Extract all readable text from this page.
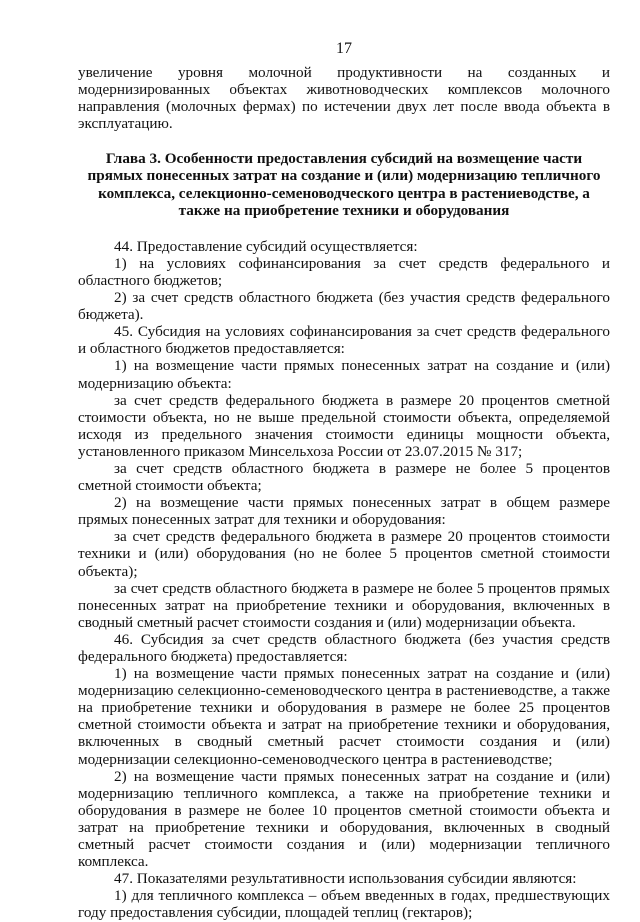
17

увеличение уровня молочной продуктивности на созданных и модернизированных объектах животноводческих комплексов молочного направления (молочных фермах) по истечении двух лет после ввода объекта в эксплуатацию.

Глава 3. Особенности предоставления субсидий на возмещение части прямых понесенных затрат на создание и (или) модернизацию тепличного комплекса, селекционно-семеноводческого центра в растениеводстве, а также на приобретение техники и оборудования

44. Предоставление субсидий осуществляется:

1) на условиях софинансирования за счет средств федерального и областного бюджетов;

2) за счет средств областного бюджета (без участия средств федерального бюджета).

45. Субсидия на условиях софинансирования за счет средств федерального и областного бюджетов предоставляется:

1) на возмещение части прямых понесенных затрат на создание и (или) модернизацию объекта:

за счет средств федерального бюджета в размере 20 процентов сметной стоимости объекта, но не выше предельной стоимости объекта, определяемой исходя из предельного значения стоимости единицы мощности объекта, установленного приказом Минсельхоза России от 23.07.2015 № 317;

за счет средств областного бюджета в размере не более 5 процентов сметной стоимости объекта;

2) на возмещение части прямых понесенных затрат в общем размере прямых понесенных затрат для техники и оборудования:

за счет средств федерального бюджета в размере 20 процентов стоимости техники и (или) оборудования (но не более 5 процентов сметной стоимости объекта);

за счет средств областного бюджета в размере не более 5 процентов прямых понесенных затрат на приобретение техники и оборудования, включенных в сводный сметный расчет стоимости создания и (или) модернизации объекта.

46. Субсидия за счет средств областного бюджета (без участия средств федерального бюджета) предоставляется:

1) на возмещение части прямых понесенных затрат на создание и (или) модернизацию селекционно-семеноводческого центра в растениеводстве, а также на приобретение техники и оборудования в размере не более 25 процентов сметной стоимости объекта и затрат на приобретение техники и оборудования, включенных в сводный сметный расчет стоимости создания и (или) модернизации селекционно-семеноводческого центра в растениеводстве;

2) на возмещение части прямых понесенных затрат на создание и (или) модернизацию тепличного комплекса, а также на приобретение техники и оборудования в размере не более 10 процентов сметной стоимости объекта и затрат на приобретение техники и оборудования, включенных в сводный сметный расчет стоимости создания и (или) модернизации тепличного комплекса.

47. Показателями результативности использования субсидии являются:

1) для тепличного комплекса – объем введенных в годах, предшествующих году предоставления субсидии, площадей теплиц (гектаров);
